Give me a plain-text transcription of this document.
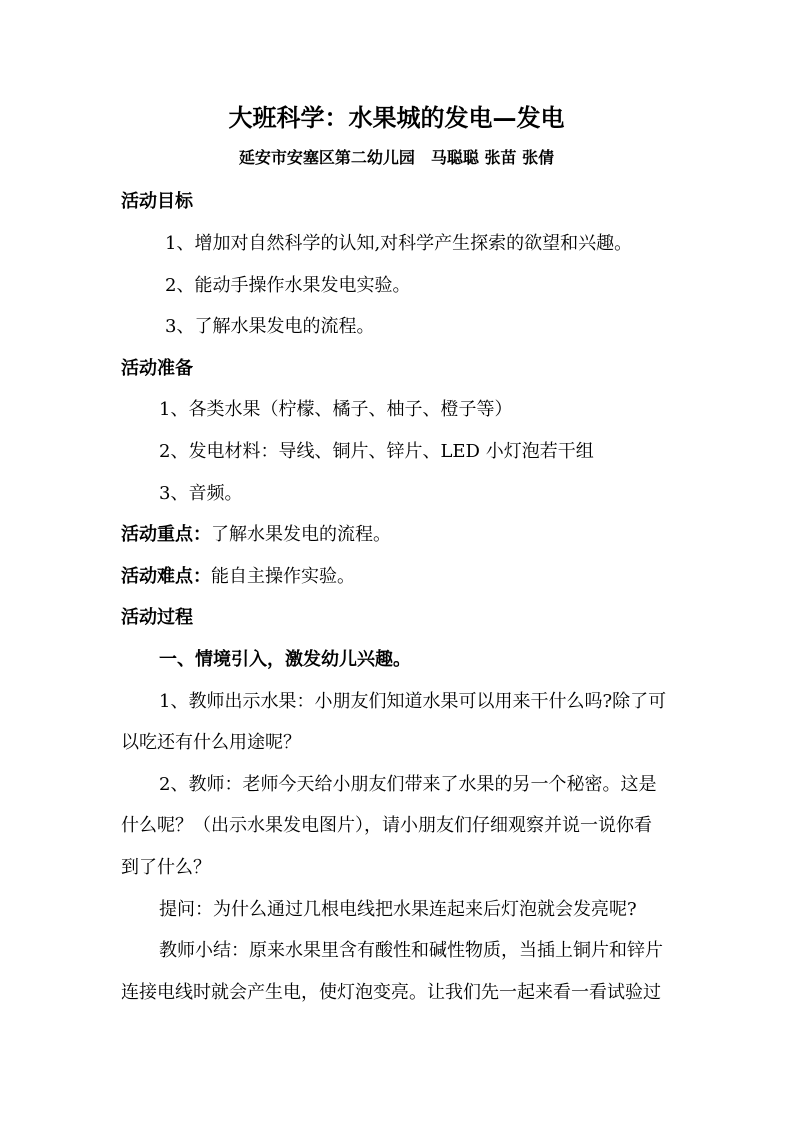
大班科学：水果城的发电—发电
延安市安塞区第二幼儿园　马聪聪 张苗 张倩
活动目标
1、增加对自然科学的认知,对科学产生探索的欲望和兴趣。
2、能动手操作水果发电实验。
3、了解水果发电的流程。
活动准备
1、各类水果（柠檬、橘子、柚子、橙子等）
2、发电材料：导线、铜片、锌片、LED 小灯泡若干组
3、音频。
活动重点：了解水果发电的流程。
活动难点：能自主操作实验。
活动过程
一、情境引入，激发幼儿兴趣。
1、教师出示水果：小朋友们知道水果可以用来干什么吗?除了可
以吃还有什么用途呢？
2、教师：老师今天给小朋友们带来了水果的另一个秘密。这是
什么呢？（出示水果发电图片），请小朋友们仔细观察并说一说你看
到了什么？
提问：为什么通过几根电线把水果连起来后灯泡就会发亮呢?
教师小结：原来水果里含有酸性和碱性物质，当插上铜片和锌片
连接电线时就会产生电，使灯泡变亮。让我们先一起来看一看试验过
